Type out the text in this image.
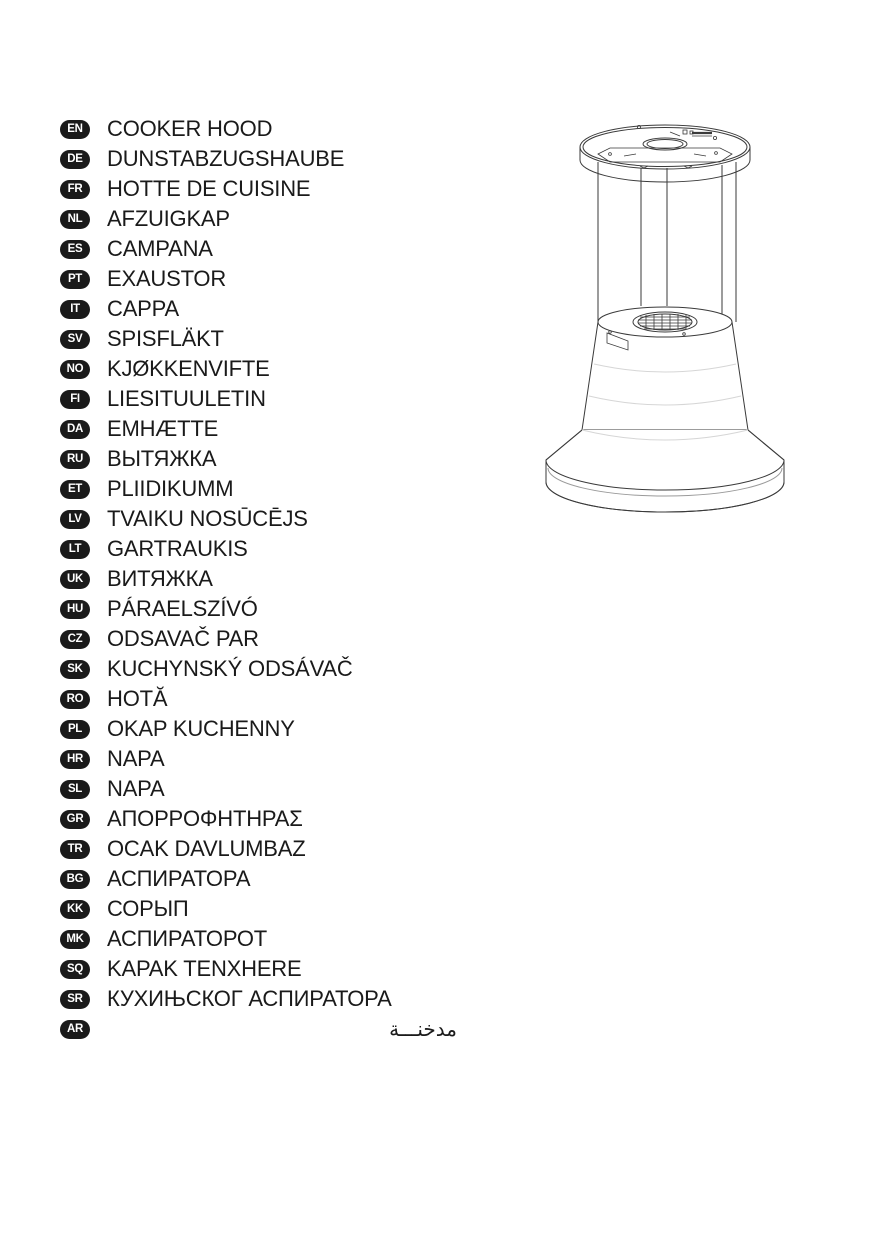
EN	COOKER HOOD
DE	DUNSTABZUGSHAUBE
FR	HOTTE DE CUISINE
NL	AFZUIGKAP
ES	CAMPANA
PT	EXAUSTOR
IT	CAPPA
SV	SPISFLÄKT
NO	KJØKKENVIFTE
FI	LIESITUULETIN
DA	EMHÆTTE
RU	ВЫТЯЖКА
ET	PLIIDIKUMM
LV	TVAIKU NOSŪCĒJS
LT	GARTRAUKIS
UK	ВИТЯЖКА
HU	PÁRAELSZÍVÓ
CZ	ODSAVAČ PAR
SK	KUCHYNSKÝ ODSÁVAČ
RO	HOTĂ
PL	OKAP KUCHENNY
HR	NAPA
SL	NAPA
GR	ΑΠΟΡΡΟΦΗΤΗΡΑΣ
TR	OCAK DAVLUMBAZ
BG	АСПИРАТОРА
KK	СОРЫП
MK АСПИРАТОРОТ
SQ	KAPAK TENXHERE
SR	КУХИЊСКОГ АСПИРАТОРА
AR	مدخنـــة
